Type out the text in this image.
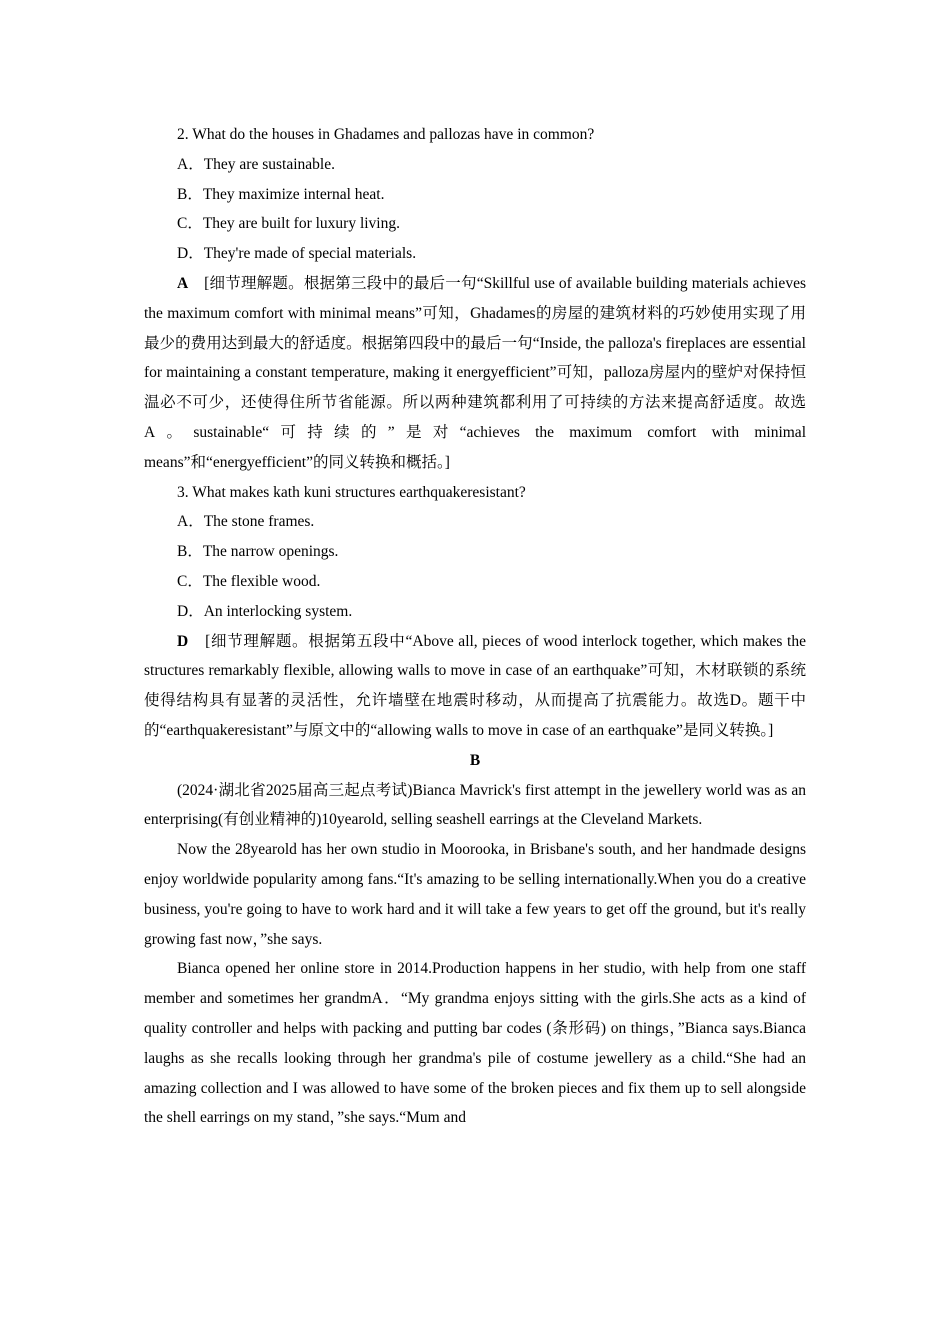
2. What do the houses in Ghadames and pallozas have in common?

A．They are sustainable.

B．They maximize internal heat.

C．They are built for luxury living.

D．They're made of special materials.

A　 [细节理解题。根据第三段中的最后一句“Skillful use of available building materials achieves the maximum comfort with minimal means”可知，Ghadames的房屋的建筑材料的巧妙使用实现了用最少的费用达到最大的舒适度。根据第四段中的最后一句“Inside, the palloza's fireplaces are essential for maintaining a constant temperature, making it energyefficient”可知，palloza房屋内的壁炉对保持恒温必不可少，还使得住所节省能源。所以两种建筑都利用了可持续的方法来提高舒适度。故选A。sustainable“可持续的”是对“achieves the maximum comfort with minimal means”和“energyefficient”的同义转换和概括。]

3. What makes kath kuni structures earthquakeresistant?

A．The stone frames.

B．The narrow openings.

C．The flexible wood.

D．An interlocking system.

D　 [细节理解题。根据第五段中“Above all, pieces of wood interlock together, which makes the structures remarkably flexible, allowing walls to move in case of an earthquake”可知，木材联锁的系统使得结构具有显著的灵活性，允许墙壁在地震时移动，从而提高了抗震能力。故选D。题干中的“earthquakeresistant”与原文中的“allowing walls to move in case of an earthquake”是同义转换。]

B

(2024·湖北省2025届高三起点考试)Bianca Mavrick's first attempt in the jewellery world was as an enterprising(有创业精神的)10yearold, selling seashell earrings at the Cleveland Markets.

Now the 28yearold has her own studio in Moorooka, in Brisbane's south, and her handmade designs enjoy worldwide popularity among fans.“It's amazing to be selling internationally.When you do a creative business, you're going to have to work hard and it will take a few years to get off the ground, but it's really growing fast now，”she says.

Bianca opened her online store in 2014.Production happens in her studio, with help from one staff member and sometimes her grandmA．“My grandma enjoys sitting with the girls.She acts as a kind of quality controller and helps with packing and putting bar codes (条形码) on things，”Bianca says.Bianca laughs as she recalls looking through her grandma's pile of costume jewellery as a child.“She had an amazing collection and I was allowed to have some of the broken pieces and fix them up to sell alongside the shell earrings on my stand，”she says.“Mum and
